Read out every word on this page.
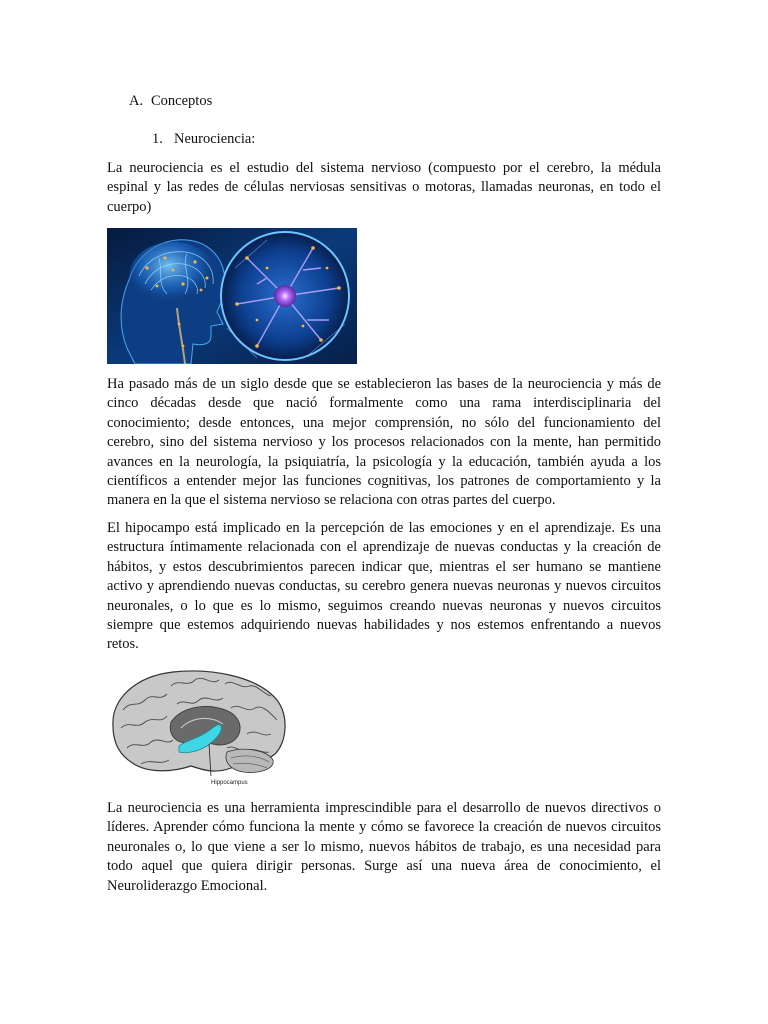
A. Conceptos
1. Neurociencia:

La neurociencia es el estudio del sistema nervioso (compuesto por el cerebro, la médula espinal y las redes de células nerviosas sensitivas o motoras, llamadas neuronas, en todo el cuerpo)

Ha pasado más de un siglo desde que se establecieron las bases de la neurociencia y más de cinco décadas desde que nació formalmente como una rama interdisciplinaria del conocimiento; desde entonces, una mejor comprensión, no sólo del funcionamiento del cerebro, sino del sistema nervioso y los procesos relacionados con la mente, han permitido avances en la neurología, la psiquiatría, la psicología y la educación, también ayuda a los científicos a entender mejor las funciones cognitivas, los patrones de comportamiento y la manera en la que el sistema nervioso se relaciona con otras partes del cuerpo.

El hipocampo está implicado en la percepción de las emociones y en el aprendizaje. Es una estructura íntimamente relacionada con el aprendizaje de nuevas conductas y la creación de hábitos, y estos descubrimientos parecen indicar que, mientras el ser humano se mantiene activo y aprendiendo nuevas conductas, su cerebro genera nuevas neuronas y nuevos circuitos neuronales, o lo que es lo mismo, seguimos creando nuevas neuronas y nuevos circuitos siempre que estemos adquiriendo nuevas habilidades y nos estemos enfrentando a nuevos retos.

Hippocampus

La neurociencia es una herramienta imprescindible para el desarrollo de nuevos directivos o líderes. Aprender cómo funciona la mente y cómo se favorece la creación de nuevos circuitos neuronales o, lo que viene a ser lo mismo, nuevos hábitos de trabajo, es una necesidad para todo aquel que quiera dirigir personas. Surge así una nueva área de conocimiento, el Neuroliderazgo Emocional.
